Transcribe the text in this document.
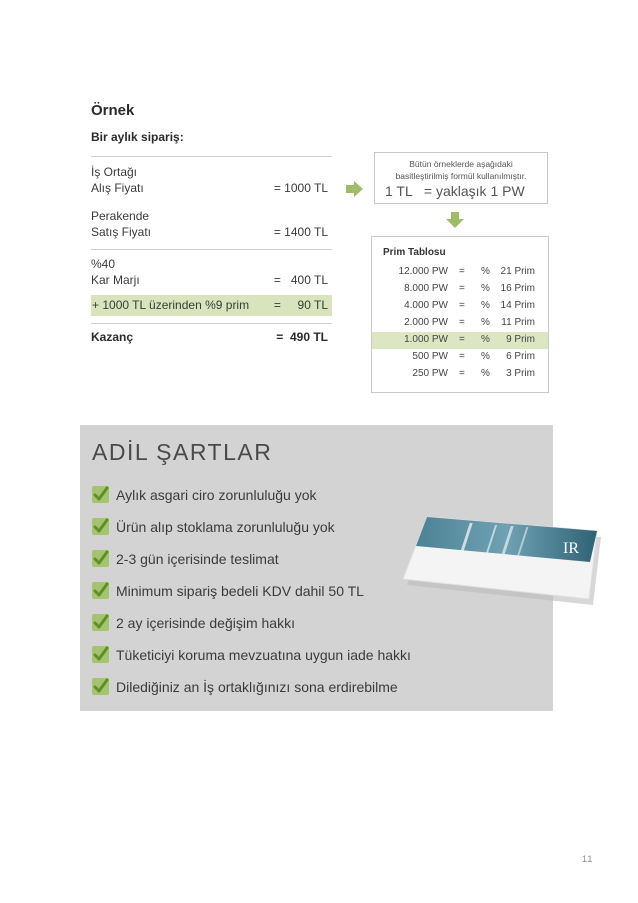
Örnek
Bir aylık sipariş:
İş Ortağı
Alış Fiyatı	= 1000 TL
Perakende
Satış Fiyatı	= 1400 TL
%40
Kar Marjı	=   400 TL
+ 1000 TL üzerinden %9 prim =     90 TL
Kazanç	=  490 TL
Bütün örneklerde aşağıdaki
basitleştirilmiş formül kullanılmıştır.
1 TL   = yaklaşık 1 PW
Prim Tablosu
12.000 PW = % 21 Prim
8.000 PW = % 16 Prim
4.000 PW = % 14 Prim
2.000 PW = % 11 Prim
1.000 PW = % 9 Prim
500 PW = % 6 Prim
250 PW = % 3 Prim
ADİL ŞARTLAR
Aylık asgari ciro zorunluluğu yok
Ürün alıp stoklama zorunluluğu yok
2-3 gün içerisinde teslimat
Minimum sipariş bedeli KDV dahil 50 TL
2 ay içerisinde değişim hakkı
Tüketiciyi koruma mevzuatına uygun iade hakkı
Dilediğiniz an İş ortaklığınızı sona erdirebilme
IR
11
